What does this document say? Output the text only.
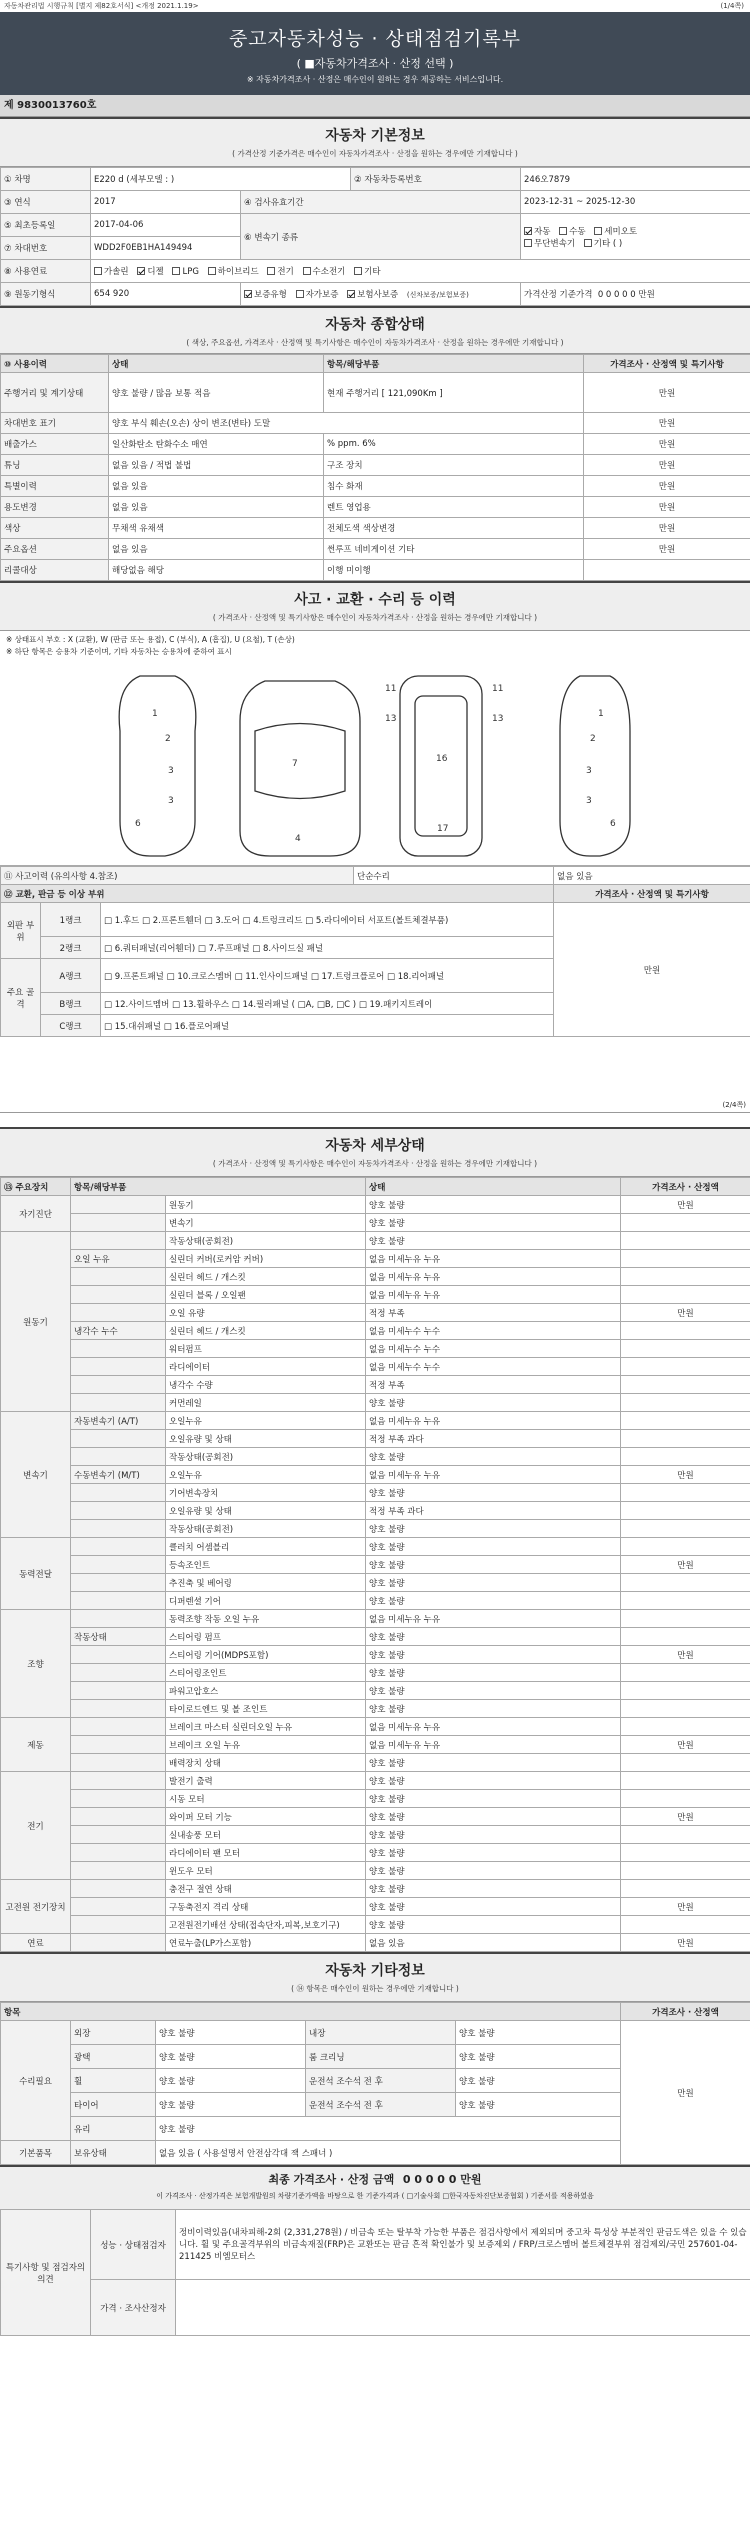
자동차관리법 시행규칙 [별지 제82호서식] <개정 2021.1.19>	(1/4쪽)
중고자동차성능 · 상태점검기록부
( ■자동차가격조사 · 산정 선택 )
※ 자동차가격조사 · 산정은 매수인이 원하는 경우 제공하는 서비스입니다.
제 9830013760호
자동차 기본정보
( 가격산정 기준가격은 매수인이 자동차가격조사 · 산정을 원하는 경우에만 기재합니다 )
① 차명	E220 d (세부모델 : )		② 자동차등록번호	246오7879
③ 연식	2017	④ 검사유효기간		2023-12-31 ~ 2025-12-30
⑤ 최초등록일	2017-04-06	⑥ 변속기 종류		자동 수동 세미오토
무단변속기 기타 ( )
⑦ 차대번호	WDD2F0EB1HA149494			
⑧ 사용연료	가솔린 디젤 LPG 하이브리드 전기 수소전기 기타			
⑨ 원동기형식	654 920	보증유형 자가보증 보험사보증 (신차보증/보험보증)		가격산정 기준가격 0 0 0 0 0 만원
자동차 종합상태
( 색상, 주요옵션, 가격조사 · 산정액 및 특기사항은 매수인이 자동차가격조사 · 산정을 원하는 경우에만 기재합니다 )
⑩ 사용이력	상태	항목/해당부품	가격조사 · 산정액 및 특기사항
주행거리 및 계기상태	양호 불량 / 많음 보통 적음	현재 주행거리 [ 121,090Km ]	만원
차대번호 표기	양호 부식 훼손(오손) 상이 변조(변타) 도말		만원
배출가스	일산화탄소 탄화수소 매연	% ppm. 6%	만원
튜닝	없음 있음 / 적법 불법	구조 장치	만원
특별이력	없음 있음	침수 화재	만원
용도변경	없음 있음	렌트 영업용	만원
색상	무채색 유채색	전체도색 색상변경	만원
주요옵션	없음 있음	썬루프 네비게이션 기타	만원
리콜대상	해당없음 해당	이행 미이행	
사고 · 교환 · 수리 등 이력
( 가격조사 · 산정액 및 특기사항은 매수인이 자동차가격조사 · 산정을 원하는 경우에만 기재합니다 )
※ 상태표시 부호 : X (교환), W (판금 또는 용접), C (부식), A (흠집), U (요철), T (손상)
※ 하단 항목은 승용차 기준이며, 기타 자동차는 승용차에 준하여 표시
1
2
3
3
6
7
4
11	11
13	13
16
17
1
2
3
3
6
⑪ 사고이력 (유의사항 4.참조)			단순수리	없음 있음
⑫ 교환, 판금 등 이상 부위				가격조사 · 산정액 및 특기사항
외판 부위	1랭크	□ 1.후드 □ 2.프론트휀더 □ 3.도어 □ 4.트렁크리드 □ 5.라디에이터 서포트(볼트체결부품)		만원
	2랭크	□ 6.쿼터패널(리어휀더) □ 7.루프패널 □ 8.사이드실 패널		
주요 골격	A랭크	□ 9.프론트패널 □ 10.크로스멤버 □ 11.인사이드패널 □ 17.트렁크플로어 □ 18.리어패널		
	B랭크	□ 12.사이드멤버 □ 13.휠하우스 □ 14.필러패널 ( □A, □B, □C ) □ 19.패키지트레이		
	C랭크	□ 15.대쉬패널 □ 16.플로어패널		
(2/4쪽)
자동차 세부상태
( 가격조사 · 산정액 및 특기사항은 매수인이 자동차가격조사 · 산정을 원하는 경우에만 기재합니다 )
⑬ 주요장치	항목/해당부품		상태	가격조사 · 산정액
자기진단		원동기	양호 불량	만원
		변속기	양호 불량	
원동기		작동상태(공회전)	양호 불량	
	오일 누유	실린더 커버(로커암 커버)	없음 미세누유 누유	
		실린더 헤드 / 개스킷	없음 미세누유 누유	
		실린더 블록 / 오일팬	없음 미세누유 누유	
		오일 유량	적정 부족	만원
	냉각수 누수	실린더 헤드 / 개스킷	없음 미세누수 누수	
		워터펌프	없음 미세누수 누수	
		라디에이터	없음 미세누수 누수	
		냉각수 수량	적정 부족	
		커먼레일	양호 불량	
변속기	자동변속기 (A/T)	오일누유	없음 미세누유 누유	
		오일유량 및 상태	적정 부족 과다	
		작동상태(공회전)	양호 불량	
	수동변속기 (M/T)	오일누유	없음 미세누유 누유	만원
		기어변속장치	양호 불량	
		오일유량 및 상태	적정 부족 과다	
		작동상태(공회전)	양호 불량	
동력전달		클러치 어셈블리	양호 불량	
		등속조인트	양호 불량	만원
		추진축 및 베어링	양호 불량	
		디퍼렌셜 기어	양호 불량	
조향		동력조향 작동 오일 누유	없음 미세누유 누유	
	작동상태	스티어링 펌프	양호 불량	
		스티어링 기어(MDPS포함)	양호 불량	만원
		스티어링조인트	양호 불량	
		파워고압호스	양호 불량	
		타이로드엔드 및 볼 조인트	양호 불량	
제동		브레이크 마스터 실린더오일 누유	없음 미세누유 누유	
		브레이크 오일 누유	없음 미세누유 누유	만원
		배력장치 상태	양호 불량	
전기		발전기 출력	양호 불량	
		시동 모터	양호 불량	
		와이퍼 모터 기능	양호 불량	만원
		실내송풍 모터	양호 불량	
		라디에이터 팬 모터	양호 불량	
		윈도우 모터	양호 불량	
고전원 전기장치		충전구 절연 상태	양호 불량	
		구동축전지 격리 상태	양호 불량	만원
		고전원전기배선 상태(접속단자,피복,보호기구)	양호 불량	
연료		연료누출(LP가스포함)	없음 있음	만원
자동차 기타정보
( ⑭ 항목은 매수인이 원하는 경우에만 기재합니다 )
항목					가격조사 · 산정액
수리필요	외장	양호 불량	내장	양호 불량	만원
	광택	양호 불량	룸 크리닝	양호 불량	
	휠	양호 불량	운전석 조수석 전 후	양호 불량	
	타이어	양호 불량	운전석 조수석 전 후	양호 불량	
	유리	양호 불량			
기본품목	보유상태	없음 있음 ( 사용설명서 안전삼각대 잭 스패너 )			
최종 가격조사 · 산정 금액 0 0 0 0 0 만원
이 가격조사 · 산정가격은 보험개발원의 차량기준가액을 바탕으로 한 기준가격과 ( □기술사회 □한국자동차진단보증협회 ) 기준서를 적용하였음
특기사항 및 점검자의 의견	성능 · 상태점검자	정비이력있음(내차피해-2회 (2,331,278원) / 비금속 또는 탈부착 가능한 부품은 점검사항에서 제외되며 중고차 특성상 부분적인 판금도색은 있을 수 있습니다. 휠 및 주요골격부위의 비금속재질(FRP)은 교환또는 판금 흔적 확인불가 및 보증제외 / FRP/크로스멤버 볼트체결부위 점검제외/국민 257601-04-211425 비엠모터스
	가격 · 조사산정자	
